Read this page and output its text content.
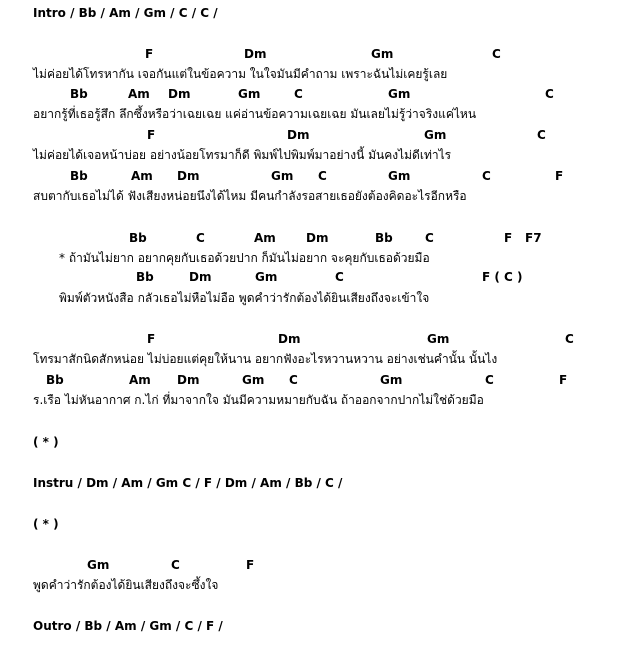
Intro / Bb / Am / Gm / C / C /
F	Dm	Gm	C
ไม่ค่อยได้โทรหากัน เจอกันแต่ในข้อความ ในใจมันมีคำถาม เพราะฉันไม่เคยรู้เลย
Bb	Am Dm	Gm	C	Gm	C
อยากรู้ที่เธอรู้สึก ลึกซึ้งหรือว่าเฉยเฉย แค่อ่านข้อความเฉยเฉย มันเลยไม่รู้ว่าจริงแค่ไหน
F	Dm	Gm	C
ไม่ค่อยได้เจอหน้าบ่อย อย่างน้อยโทรมาก็ดี พิมพ์ไปพิมพ์มาอย่างนี้ มันคงไม่ดีเท่าไร
Bb	Am Dm	Gm C	Gm	C	F
สบตากับเธอไม่ได้ ฟังเสียงหน่อยนึงได้ไหม มีคนกำลังรอสายเธอยังต้องคิดอะไรอีกหรือ
Bb	C	Am	Dm	Bb	C	F F7
* ถ้ามันไม่ยาก อยากคุยกับเธอด้วยปาก ก็มันไม่อยาก จะคุยกับเธอด้วยมือ
Bb	Dm	Gm	C	F ( C )
พิมพ์ตัวหนังสือ กลัวเธอไม่หือไม่อือ พูดคำว่ารักต้องได้ยินเสียงถึงจะเข้าใจ
F	Dm	Gm	C
โทรมาสักนิดสักหน่อย ไม่บ่อยแต่คุยให้นาน อยากฟังอะไรหวานหวาน อย่างเช่นคำนั้น นั้นไง
Bb	Am Dm	Gm C	Gm	C	F
ร.เรือ ไม่หันอากาศ ก.ไก่ ที่มาจากใจ มันมีความหมายกับฉัน ถ้าออกจากปากไม่ใช่ด้วยมือ
( * )
Instru / Dm / Am / Gm C / F / Dm / Am / Bb / C /
( * )
Gm	C	F
พูดคำว่ารักต้องได้ยินเสียงถึงจะซึ้งใจ
Outro / Bb / Am / Gm / C / F /
